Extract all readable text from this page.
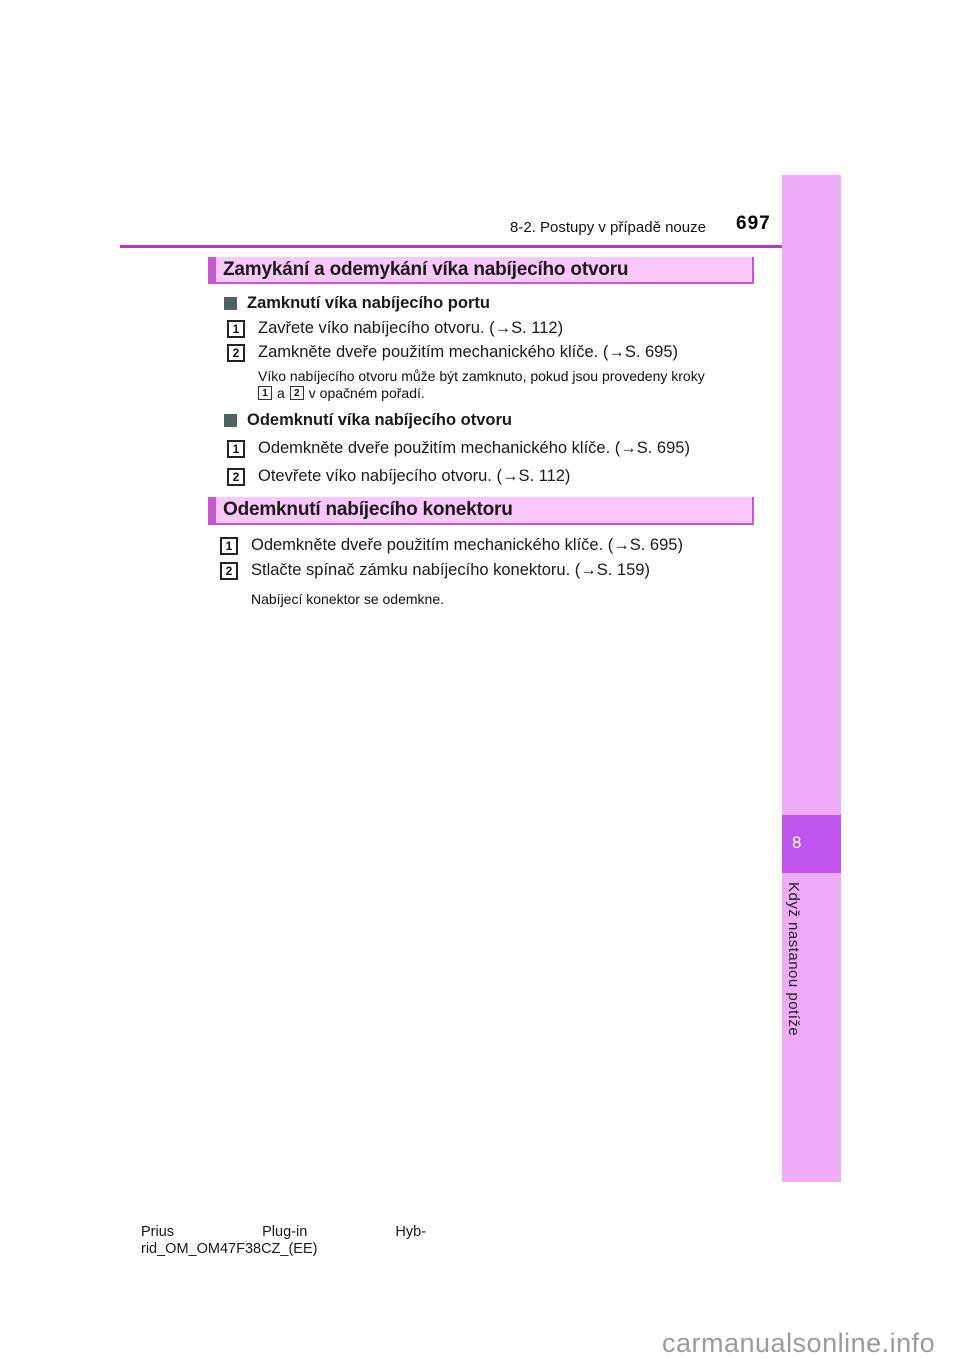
8-2. Postupy v případě nouze 697
Zamykání a odemykání víka nabíjecího otvoru
Zamknutí víka nabíjecího portu
1	Zavřete víko nabíjecího otvoru. (→S. 112)
2	Zamkněte dveře použitím mechanického klíče. (→S. 695)
Víko nabíjecího otvoru může být zamknuto, pokud jsou provedeny kroky
1 a 2 v opačném pořadí.
Odemknutí víka nabíjecího otvoru
1	Odemkněte dveře použitím mechanického klíče. (→S. 695)
2	Otevřete víko nabíjecího otvoru. (→S. 112)
Odemknutí nabíjecího konektoru
1	Odemkněte dveře použitím mechanického klíče. (→S. 695)
2	Stlačte spínač zámku nabíjecího konektoru. (→S. 159)
Nabíjecí konektor se odemkne.
8
Když nastanou potíže
Prius	Plug-in	Hyb-
rid_OM_OM47F38CZ_(EE)
carmanualsonline.info
